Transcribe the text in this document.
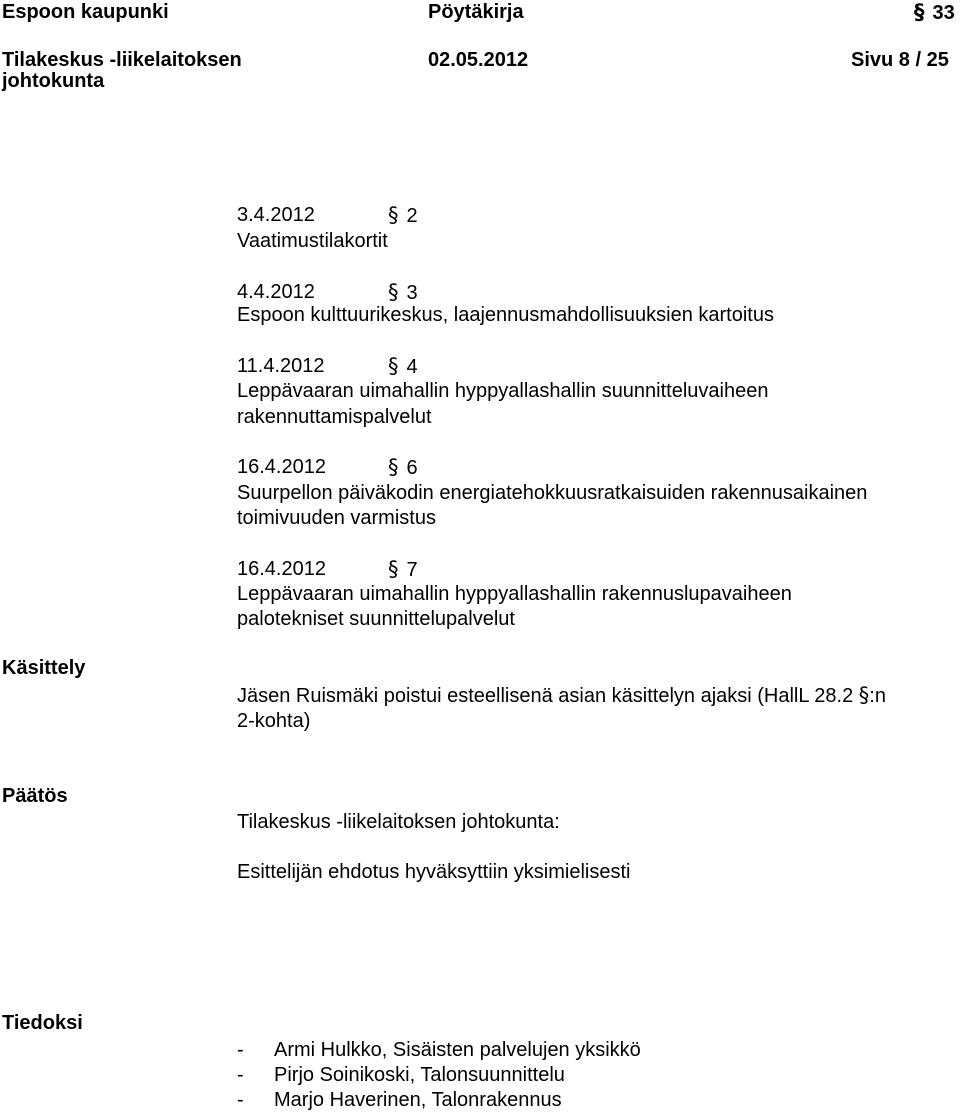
Espoon kaupunki	Pöytäkirja	§ 33
Tilakeskus -liikelaitoksen
johtokunta
02.05.2012	Sivu 8 / 25
3.4.2012	§ 2
Vaatimustilakortit
4.4.2012	§ 3
Espoon kulttuurikeskus, laajennusmahdollisuuksien kartoitus
11.4.2012	§ 4
Leppävaaran uimahallin hyppyallashallin suunnitteluvaiheen
rakennuttamispalvelut
16.4.2012	§ 6
Suurpellon päiväkodin energiatehokkuusratkaisuiden rakennusaikainen
toimivuuden varmistus
16.4.2012	§ 7
Leppävaaran uimahallin hyppyallashallin rakennuslupavaiheen
palotekniset suunnittelupalvelut
Käsittely
Jäsen Ruismäki poistui esteellisenä asian käsittelyn ajaksi (HallL 28.2 §:n
2-kohta)
Päätös
Tilakeskus -liikelaitoksen johtokunta:
Esittelijän ehdotus hyväksyttiin yksimielisesti
Tiedoksi
- Armi Hulkko, Sisäisten palvelujen yksikkö
- Pirjo Soinikoski, Talonsuunnittelu
- Marjo Haverinen, Talonrakennus
